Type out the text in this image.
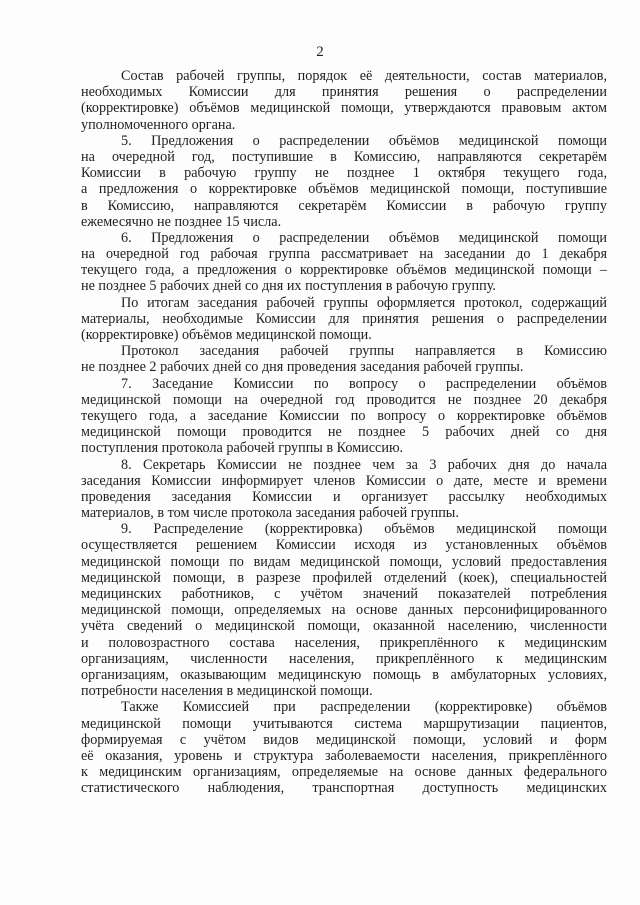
2
Состав рабочей группы, порядок её деятельности, состав материалов,
необходимых Комиссии для принятия решения о распределении
(корректировке) объёмов медицинской помощи, утверждаются правовым актом
уполномоченного органа.
5. Предложения о распределении объёмов медицинской помощи
на очередной год, поступившие в Комиссию, направляются секретарём
Комиссии в рабочую группу не позднее 1 октября текущего года,
а предложения о корректировке объёмов медицинской помощи, поступившие
в Комиссию, направляются секретарём Комиссии в рабочую группу
ежемесячно не позднее 15 числа.
6. Предложения о распределении объёмов медицинской помощи
на очередной год рабочая группа рассматривает на заседании до 1 декабря
текущего года, а предложения о корректировке объёмов медицинской помощи –
не позднее 5 рабочих дней со дня их поступления в рабочую группу.
По итогам заседания рабочей группы оформляется протокол, содержащий
материалы, необходимые Комиссии для принятия решения о распределении
(корректировке) объёмов медицинской помощи.
Протокол заседания рабочей группы направляется в Комиссию
не позднее 2 рабочих дней со дня проведения заседания рабочей группы.
7. Заседание Комиссии по вопросу о распределении объёмов
медицинской помощи на очередной год проводится не позднее 20 декабря
текущего года, а заседание Комиссии по вопросу о корректировке объёмов
медицинской помощи проводится не позднее 5 рабочих дней со дня
поступления протокола рабочей группы в Комиссию.
8. Секретарь Комиссии не позднее чем за 3 рабочих дня до начала
заседания Комиссии информирует членов Комиссии о дате, месте и времени
проведения заседания Комиссии и организует рассылку необходимых
материалов, в том числе протокола заседания рабочей группы.
9. Распределение (корректировка) объёмов медицинской помощи
осуществляется решением Комиссии исходя из установленных объёмов
медицинской помощи по видам медицинской помощи, условий предоставления
медицинской помощи, в разрезе профилей отделений (коек), специальностей
медицинских работников, с учётом значений показателей потребления
медицинской помощи, определяемых на основе данных персонифицированного
учёта сведений о медицинской помощи, оказанной населению, численности
и половозрастного состава населения, прикреплённого к медицинским
организациям, численности населения, прикреплённого к медицинским
организациям, оказывающим медицинскую помощь в амбулаторных условиях,
потребности населения в медицинской помощи.
Также Комиссией при распределении (корректировке) объёмов
медицинской помощи учитываются система маршрутизации пациентов,
формируемая с учётом видов медицинской помощи, условий и форм
её оказания, уровень и структура заболеваемости населения, прикреплённого
к медицинским организациям, определяемые на основе данных федерального
статистического наблюдения, транспортная доступность медицинских
